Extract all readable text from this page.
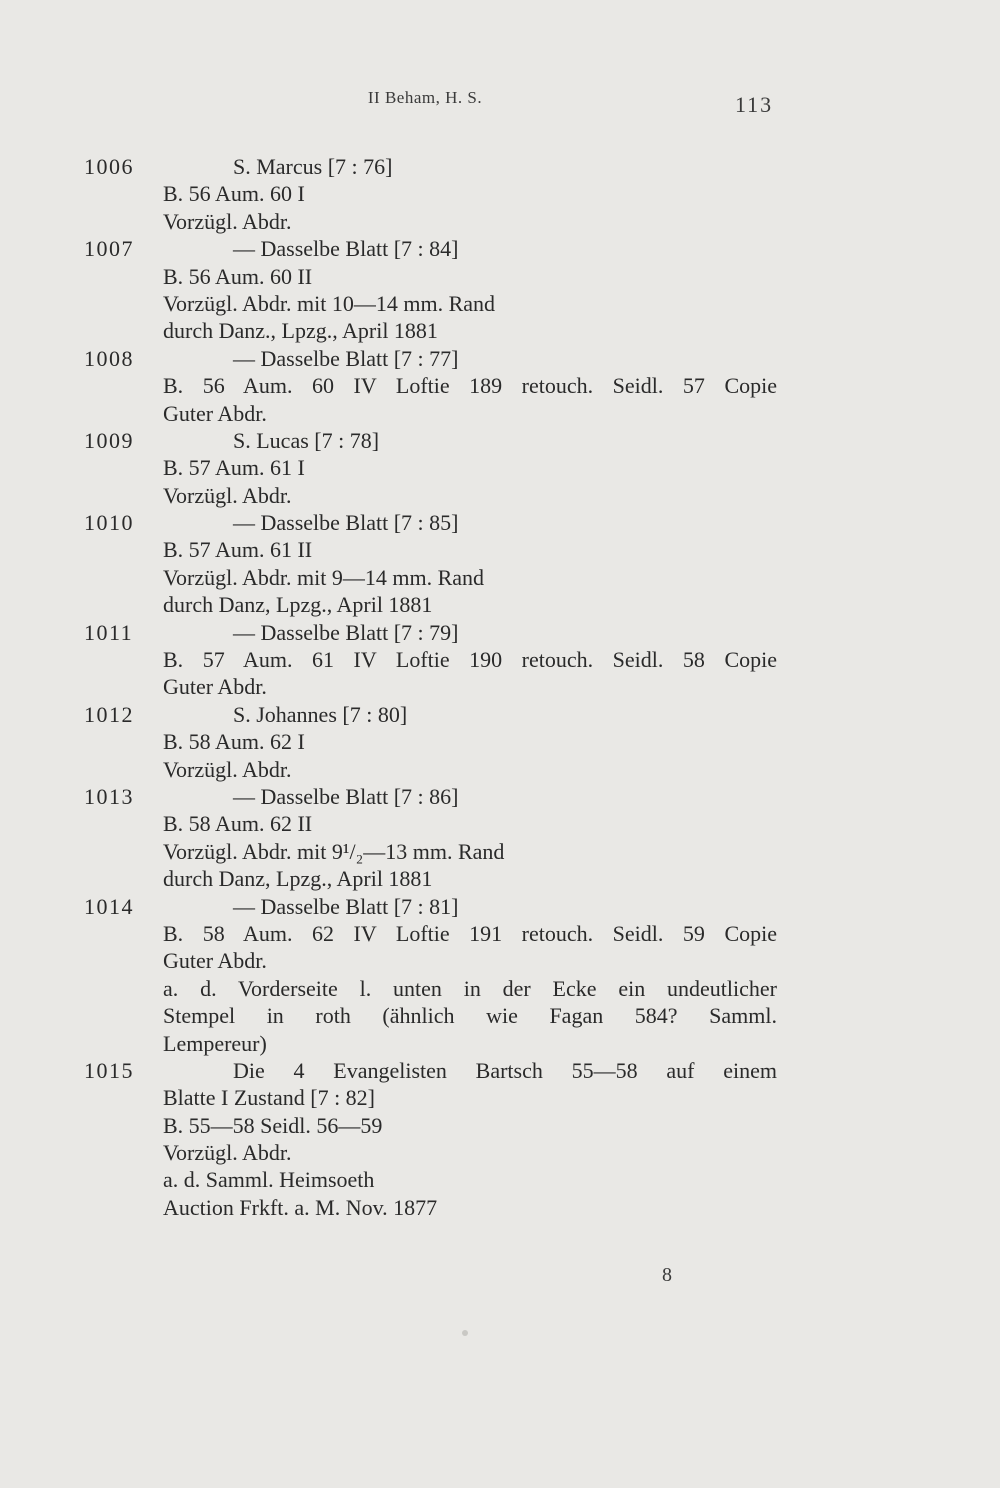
II Beham, H. S.	113
1006	S. Marcus [7 : 76]
B. 56 Aum. 60 I
Vorzügl. Abdr.
1007	— Dasselbe Blatt [7 : 84]
B. 56 Aum. 60 II
Vorzügl. Abdr. mit 10—14 mm. Rand
durch Danz., Lpzg., April 1881
1008	— Dasselbe Blatt [7 : 77]
B. 56 Aum. 60 IV Loftie 189 retouch. Seidl. 57 Copie
Guter Abdr.
1009	S. Lucas [7 : 78]
B. 57 Aum. 61 I
Vorzügl. Abdr.
1010	— Dasselbe Blatt [7 : 85]
B. 57 Aum. 61 II
Vorzügl. Abdr. mit 9—14 mm. Rand
durch Danz, Lpzg., April 1881
1011	— Dasselbe Blatt [7 : 79]
B. 57 Aum. 61 IV Loftie 190 retouch. Seidl. 58 Copie
Guter Abdr.
1012	S. Johannes [7 : 80]
B. 58 Aum. 62 I
Vorzügl. Abdr.
1013	— Dasselbe Blatt [7 : 86]
B. 58 Aum. 62 II
Vorzügl. Abdr. mit 9¹/₂—13 mm. Rand
durch Danz, Lpzg., April 1881
1014	— Dasselbe Blatt [7 : 81]
B. 58 Aum. 62 IV Loftie 191 retouch. Seidl. 59 Copie
Guter Abdr.
a. d. Vorderseite l. unten in der Ecke ein undeutlicher
Stempel in roth (ähnlich wie Fagan 584? Samml.
Lempereur)
1015	Die 4 Evangelisten Bartsch 55—58 auf einem
Blatte I Zustand [7 : 82]
B. 55—58 Seidl. 56—59
Vorzügl. Abdr.
a. d. Samml. Heimsoeth
Auction Frkft. a. M. Nov. 1877
8
